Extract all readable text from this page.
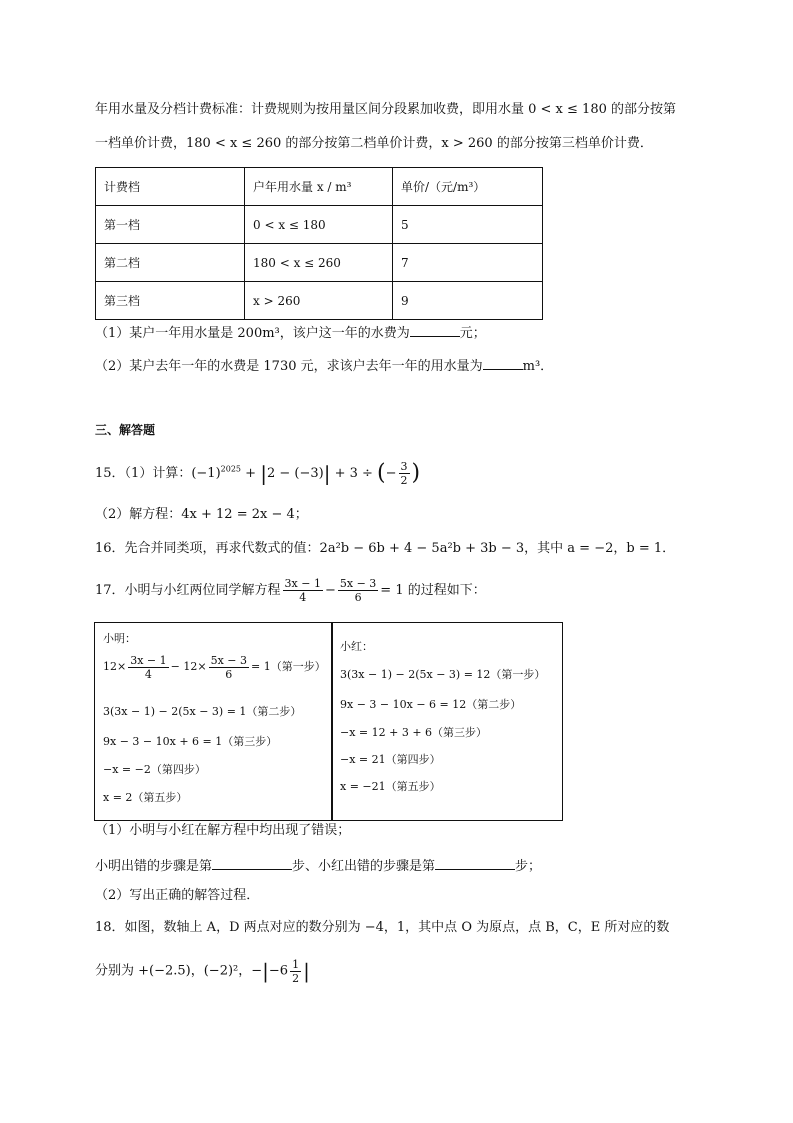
年用水量及分档计费标准：计费规则为按用量区间分段累加收费，即用水量 0 < x ≤ 180 的部分按第
一档单价计费，180 < x ≤ 260 的部分按第二档单价计费，x > 260 的部分按第三档单价计费．
计费档	户年用水量 x / m³	单价/（元/m³）
第一档	0 < x ≤ 180	5
第二档	180 < x ≤ 260	7
第三档	x > 260	9
（1）某户一年用水量是 200m³，该户这一年的水费为	元；
（2）某户去年一年的水费是 1730 元，求该户去年一年的用水量为	m³．
三、解答题
15．（1）计算：$(-1)^{2025} + |2 - (-3)| + 3$ ÷ (− $\frac{3}{2}$ )
（2）解方程：4x + 12 = 2x − 4；
16．先合并同类项，再求代数式的值：2a²b − 6b + 4 − 5a²b + 3b − 3，其中 a = −2，b = 1．
17．小明与小红两位同学解方程 $\frac{3x - 1}{4} - \frac{5x - 3}{6} = 1$ 的过程如下：
小明：
$12\times \frac{3x - 1}{4} - 12\times \frac{5x - 3}{6} = 1$（第一步）
3(3x − 1) − 2(5x − 3) = 1（第二步）
9x − 3 − 10x + 6 = 1（第三步）
−x = −2（第四步）
x = 2（第五步）
小红：
3(3x − 1) − 2(5x − 3) = 12（第一步）
9x − 3 − 10x − 6 = 12（第二步）
−x = 12 + 3 + 6（第三步）
−x = 21（第四步）
x = −21（第五步）
（1）小明与小红在解方程中均出现了错误；
小明出错的步骤是第	步、小红出错的步骤是第	步；
（2）写出正确的解答过程．
18．如图，数轴上 A，D 两点对应的数分别为 −4，1，其中点 O 为原点，点 B，C，E 所对应的数
分别为 +(−2.5)，(−2)²，$-|-6 \frac{1}{2}$ |
